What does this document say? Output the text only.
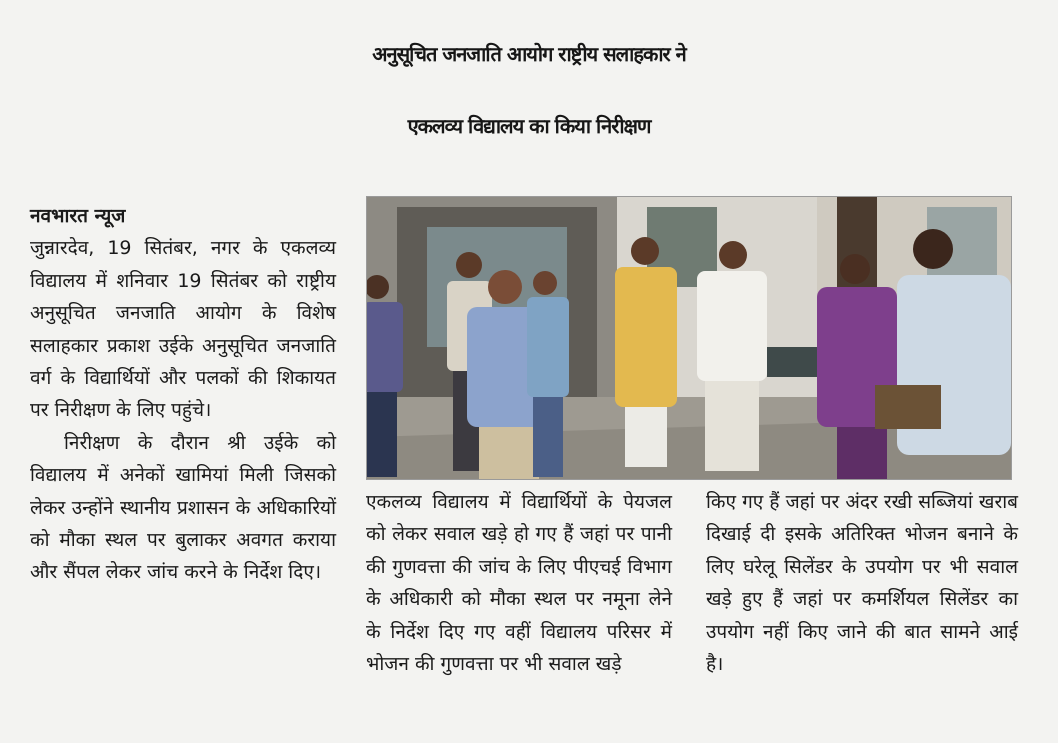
अनुसूचित जनजाति आयोग राष्ट्रीय सलाहकार ने
एकलव्य विद्यालय का किया निरीक्षण

नवभारत न्यूज

जुन्नारदेव, 19 सितंबर, नगर के एकलव्य विद्यालय में शनिवार 19 सितंबर को राष्ट्रीय अनुसूचित जनजाति आयोग के विशेष सलाहकार प्रकाश उईके अनुसूचित जनजाति वर्ग के विद्यार्थियों और पलकों की शिकायत पर निरीक्षण के लिए पहुंचे।

निरीक्षण के दौरान श्री उईके को विद्यालय में अनेकों खामियां मिली जिसको लेकर उन्होंने स्थानीय प्रशासन के अधिकारियों को मौका स्थल पर बुलाकर अवगत कराया और सैंपल लेकर जांच करने के निर्देश दिए।

एकलव्य विद्यालय में विद्यार्थियों के पेयजल को लेकर सवाल खड़े हो गए हैं जहां पर पानी की गुणवत्ता की जांच के लिए पीएचई विभाग के अधिकारी को मौका स्थल पर नमूना लेने के निर्देश दिए गए वहीं विद्यालय परिसर में भोजन की गुणवत्ता पर भी सवाल खड़े

किए गए हैं जहां पर अंदर रखी सब्जियां खराब दिखाई दी इसके अतिरिक्त भोजन बनाने के लिए घरेलू सिलेंडर के उपयोग पर भी सवाल खड़े हुए हैं जहां पर कमर्शियल सिलेंडर का उपयोग नहीं किए जाने की बात सामने आई है।
